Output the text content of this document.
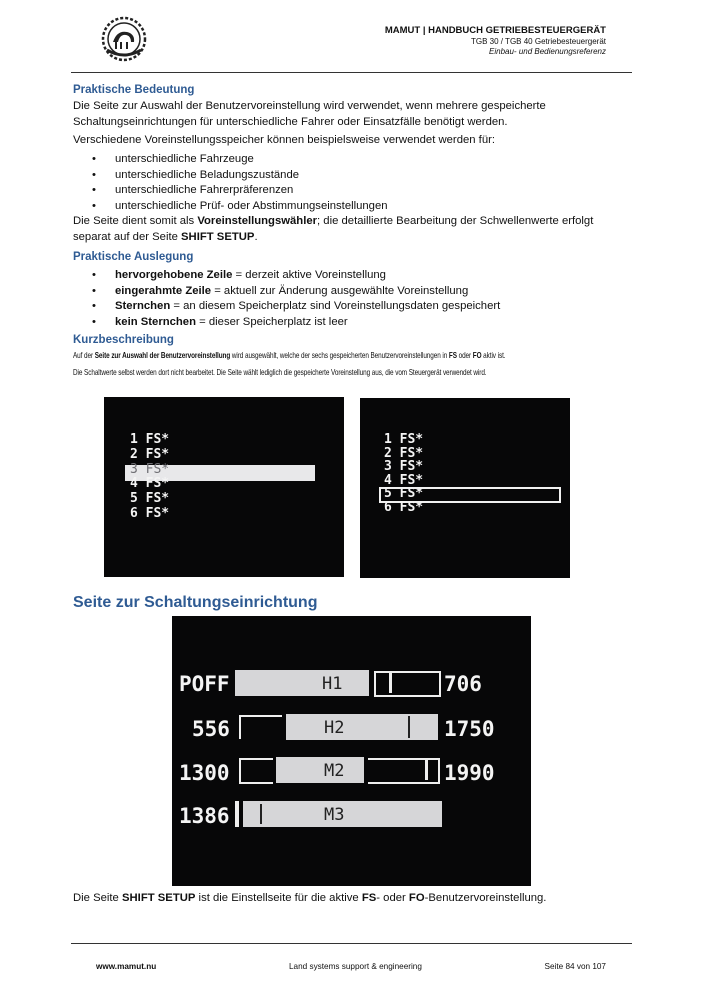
MAMUT | HANDBUCH GETRIEBESTEUERGERÄT
TGB 30 / TGB 40 Getriebesteuergerät
Einbau- und Bedienungsreferenz
Praktische Bedeutung
Die Seite zur Auswahl der Benutzervoreinstellung wird verwendet, wenn mehrere gespeicherte Schaltungseinrichtungen für unterschiedliche Fahrer oder Einsatzfälle benötigt werden.
Verschiedene Voreinstellungsspeicher können beispielsweise verwendet werden für:
• unterschiedliche Fahrzeuge
• unterschiedliche Beladungszustände
• unterschiedliche Fahrerpräferenzen
• unterschiedliche Prüf- oder Abstimmungseinstellungen
Die Seite dient somit als Voreinstellungswähler; die detaillierte Bearbeitung der Schwellenwerte erfolgt separat auf der Seite SHIFT SETUP.
Praktische Auslegung
• hervorgehobene Zeile = derzeit aktive Voreinstellung
• eingerahmte Zeile = aktuell zur Änderung ausgewählte Voreinstellung
• Sternchen = an diesem Speicherplatz sind Voreinstellungsdaten gespeichert
• kein Sternchen = dieser Speicherplatz ist leer
Kurzbeschreibung
Auf der Seite zur Auswahl der Benutzervoreinstellung wird ausgewählt, welche der sechs gespeicherten Benutzervoreinstellungen in FS oder FO aktiv ist.
Die Schaltwerte selbst werden dort nicht bearbeitet. Die Seite wählt lediglich die gespeicherte Voreinstellung aus, die vom Steuergerät verwendet wird.
1 FS*
2 FS*
3 FS*
4 FS*
5 FS*
6 FS*
1 FS*
2 FS*
3 FS*
4 FS*
5 FS*
6 FS*
Seite zur Schaltungseinrichtung
POFF	H1	706
556	H2	1750
1300	M2	1990
1386	M3
Die Seite SHIFT SETUP ist die Einstellseite für die aktive FS- oder FO-Benutzervoreinstellung.
www.mamut.nu	Land systems support & engineering	Seite 84 von 107
